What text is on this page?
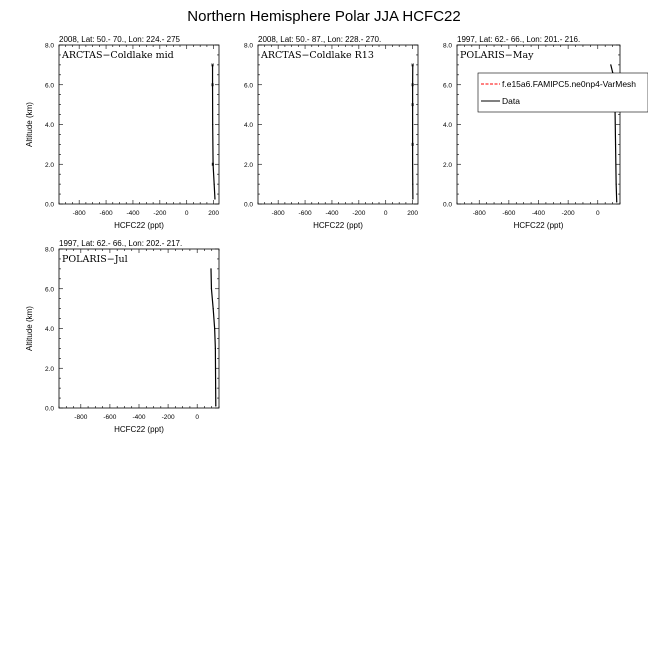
Northern Hemisphere Polar JJA HCFC22
2008, Lat: 50.- 70., Lon: 224.- 275
ARCTAS−Coldlake mid
-800 -600 -400 -200	0	200
0.0
2.0
4.0
6.0
8.0
HCFC22 (ppt)
Altitude (km)
2008, Lat: 50.- 87., Lon: 228.- 270.
ARCTAS−Coldlake R13
-800 -600 -400 -200	0	200
0.0
2.0
4.0
6.0
8.0
HCFC22 (ppt)
1997, Lat: 62.- 66., Lon: 201.- 216.
POLARIS−May
-800	-600	-400	-200	0
0.0
2.0
4.0
6.0
8.0
HCFC22 (ppt)
f.e15a6.FAMIPC5.ne0np4-VarMesh
Data
1997, Lat: 62.- 66., Lon: 202.- 217.
POLARIS−Jul
-800 -600 -400 -200	0
0.0
2.0
4.0
6.0
8.0
HCFC22 (ppt)
Altitude (km)
